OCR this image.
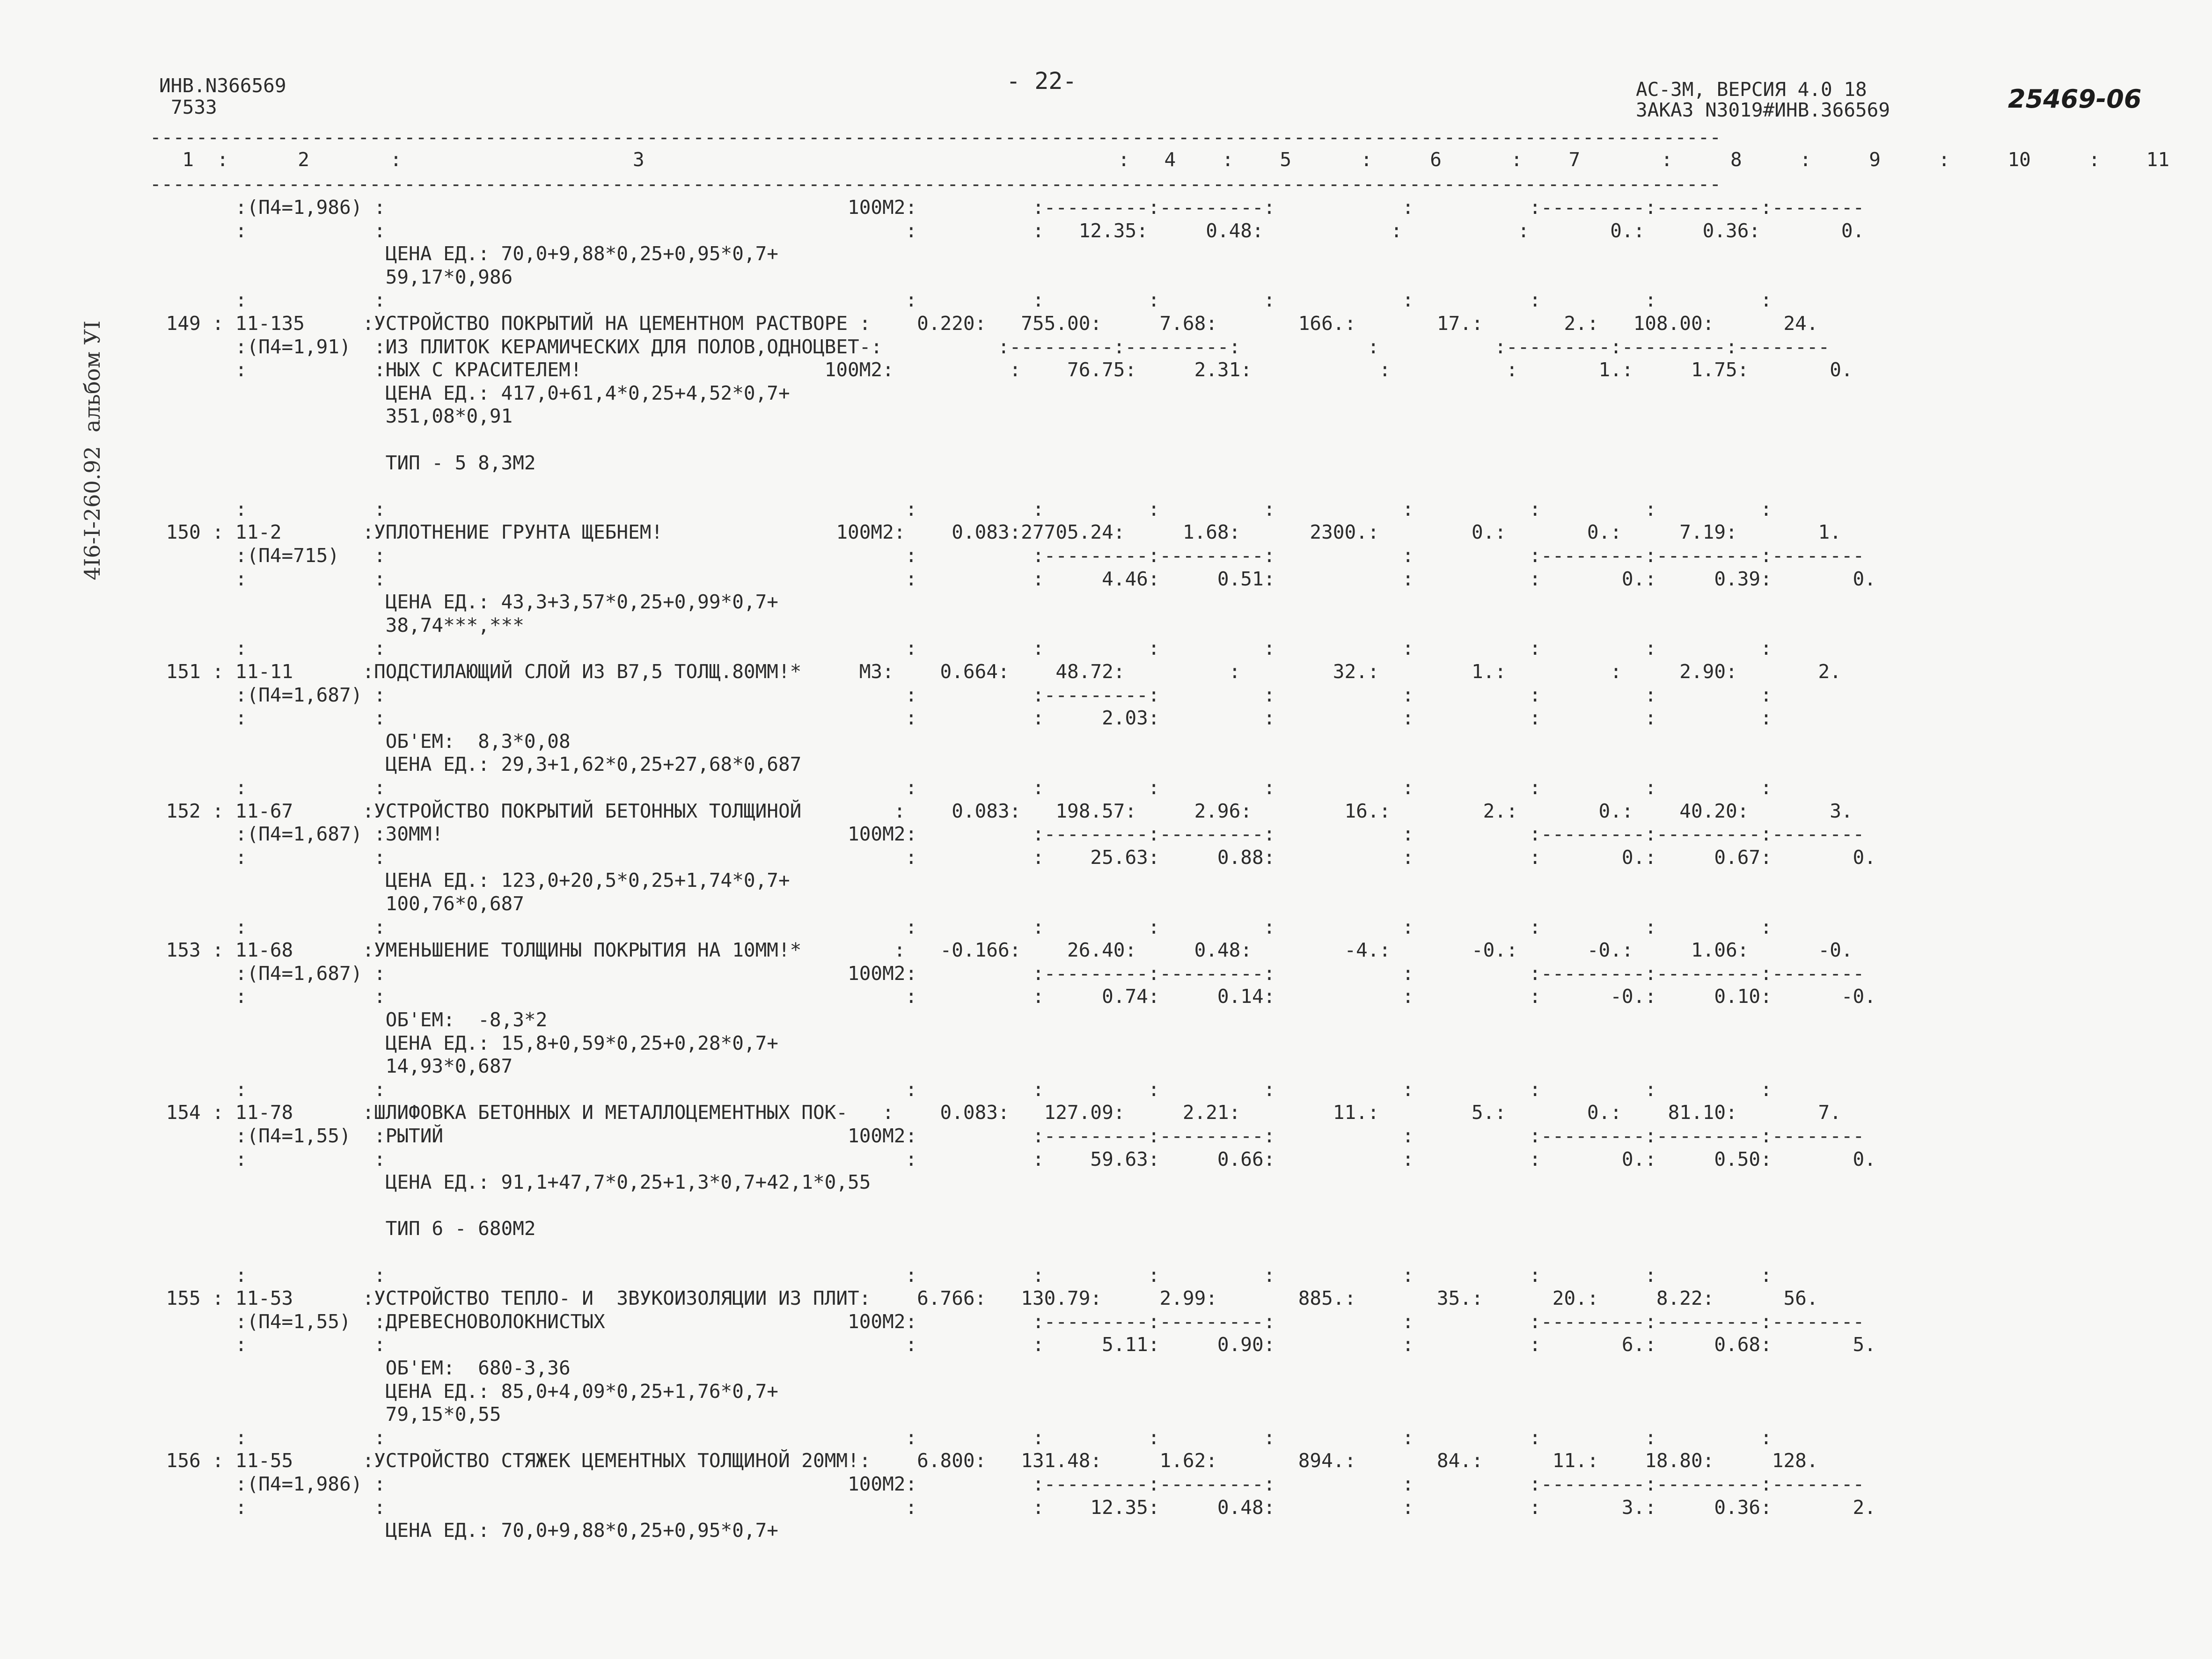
ИНВ.N366569
7533
- 22-	АС-3М, ВЕРСИЯ 4.0 18
ЗАКАЗ N3019#ИНВ.366569	25469-06
4I6-I-260.92  альбом УI
----------------------------------------------------------------------------------------------------------------------------------------
1  :      2       :                    3                                         :   4    :    5      :     6      :    7       :     8     :     9     :     10     :    11
----------------------------------------------------------------------------------------------------------------------------------------
:(П4=1,986) :                                        100М2:          :---------:---------:           :          :---------:---------:--------
:           :                                             :          :   12.35:     0.48:           :          :       0.:     0.36:       0.
ЦЕНА ЕД.: 70,0+9,88*0,25+0,95*0,7+
59,17*0,986
:           :                                             :          :         :         :           :          :         :         :
149 : 11-135     :УСТРОЙСТВО ПОКРЫТИЙ НА ЦЕМЕНТНОМ РАСТВОРЕ :    0.220:   755.00:     7.68:       166.:       17.:       2.:   108.00:      24.
:(П4=1,91)  :ИЗ ПЛИТОК КЕРАМИЧЕСКИХ ДЛЯ ПОЛОВ,ОДНОЦВЕТ-:          :---------:---------:           :          :---------:---------:--------
:           :НЫХ С КРАСИТЕЛЕМ!                     100М2:          :    76.75:     2.31:           :          :       1.:     1.75:       0.
ЦЕНА ЕД.: 417,0+61,4*0,25+4,52*0,7+
351,08*0,91
ТИП - 5 8,3М2
:           :                                             :          :         :         :           :          :         :         :
150 : 11-2       :УПЛОТНЕНИЕ ГРУНТА ЩЕБНЕМ!               100М2:    0.083:27705.24:     1.68:      2300.:        0.:       0.:     7.19:       1.
:(П4=715)   :                                             :          :---------:---------:           :          :---------:---------:--------
:           :                                             :          :     4.46:     0.51:           :          :       0.:     0.39:       0.
ЦЕНА ЕД.: 43,3+3,57*0,25+0,99*0,7+
38,74***,***
:           :                                             :          :         :         :           :          :         :         :
151 : 11-11      :ПОДСТИЛАЮЩИЙ СЛОЙ ИЗ В7,5 ТОЛЩ.80ММ!*     М3:    0.664:    48.72:         :        32.:        1.:         :     2.90:       2.
:(П4=1,687) :                                             :          :---------:         :           :          :         :         :
:           :                                             :          :     2.03:         :           :          :         :         :
ОБ'ЕМ:  8,3*0,08
ЦЕНА ЕД.: 29,3+1,62*0,25+27,68*0,687
:           :                                             :          :         :         :           :          :         :         :
152 : 11-67      :УСТРОЙСТВО ПОКРЫТИЙ БЕТОННЫХ ТОЛЩИНОЙ        :    0.083:   198.57:     2.96:        16.:        2.:       0.:    40.20:       3.
:(П4=1,687) :30ММ!                                   100М2:          :---------:---------:           :          :---------:---------:--------
:           :                                             :          :    25.63:     0.88:           :          :       0.:     0.67:       0.
ЦЕНА ЕД.: 123,0+20,5*0,25+1,74*0,7+
100,76*0,687
:           :                                             :          :         :         :           :          :         :         :
153 : 11-68      :УМЕНЬШЕНИЕ ТОЛЩИНЫ ПОКРЫТИЯ НА 10ММ!*        :   -0.166:    26.40:     0.48:        -4.:       -0.:      -0.:     1.06:      -0.
:(П4=1,687) :                                        100М2:          :---------:---------:           :          :---------:---------:--------
:           :                                             :          :     0.74:     0.14:           :          :      -0.:     0.10:      -0.
ОБ'ЕМ:  -8,3*2
ЦЕНА ЕД.: 15,8+0,59*0,25+0,28*0,7+
14,93*0,687
:           :                                             :          :         :         :           :          :         :         :
154 : 11-78      :ШЛИФОВКА БЕТОННЫХ И МЕТАЛЛОЦЕМЕНТНЫХ ПОК-   :    0.083:   127.09:     2.21:        11.:        5.:       0.:    81.10:       7.
:(П4=1,55)  :РЫТИЙ                                   100М2:          :---------:---------:           :          :---------:---------:--------
:           :                                             :          :    59.63:     0.66:           :          :       0.:     0.50:       0.
ЦЕНА ЕД.: 91,1+47,7*0,25+1,3*0,7+42,1*0,55
ТИП 6 - 680М2
:           :                                             :          :         :         :           :          :         :         :
155 : 11-53      :УСТРОЙСТВО ТЕПЛО- И  ЗВУКОИЗОЛЯЦИИ ИЗ ПЛИТ:    6.766:   130.79:     2.99:       885.:       35.:      20.:     8.22:      56.
:(П4=1,55)  :ДРЕВЕСНОВОЛОКНИСТЫХ                     100М2:          :---------:---------:           :          :---------:---------:--------
:           :                                             :          :     5.11:     0.90:           :          :       6.:     0.68:       5.
ОБ'ЕМ:  680-3,36
ЦЕНА ЕД.: 85,0+4,09*0,25+1,76*0,7+
79,15*0,55
:           :                                             :          :         :         :           :          :         :         :
156 : 11-55      :УСТРОЙСТВО СТЯЖЕК ЦЕМЕНТНЫХ ТОЛЩИНОЙ 20ММ!:    6.800:   131.48:     1.62:       894.:       84.:      11.:    18.80:     128.
:(П4=1,986) :                                        100М2:          :---------:---------:           :          :---------:---------:--------
:           :                                             :          :    12.35:     0.48:           :          :       3.:     0.36:       2.
ЦЕНА ЕД.: 70,0+9,88*0,25+0,95*0,7+
